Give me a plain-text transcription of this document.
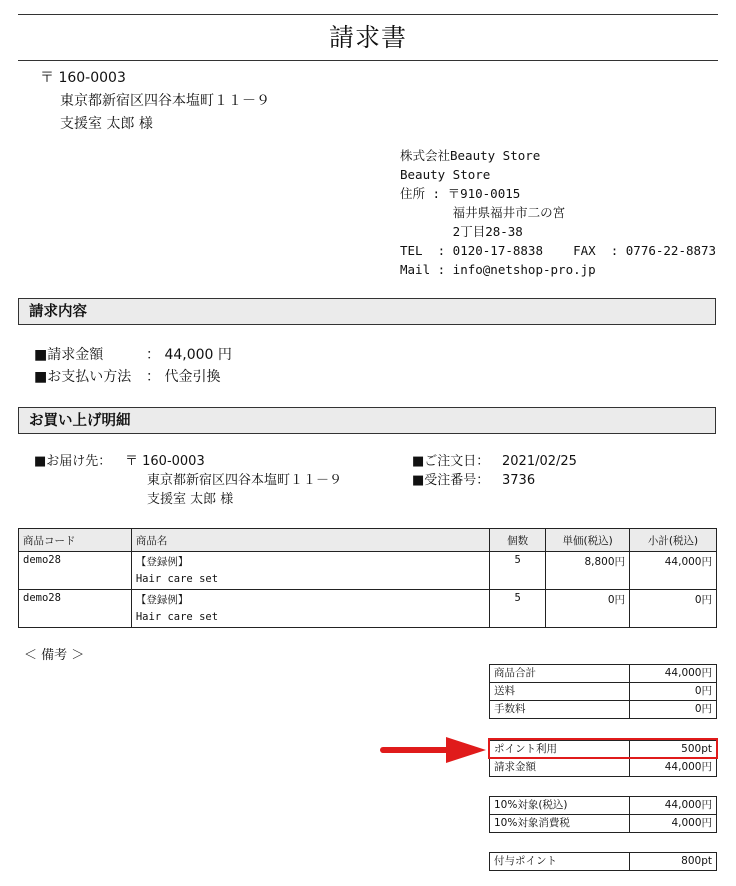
請求書
〒 160-0003
東京都新宿区四谷本塩町１１－９
支援室 太郎 様
株式会社Beauty Store
Beauty Store
住所 : 〒910-0015
福井県福井市二の宮
2丁目28-38
TEL  : 0120-17-8838    FAX  : 0776-22-8873
Mail : info@netshop-pro.jp
請求内容
■請求金額	： 44,000 円
■お支払い方法 ： 代金引換
お買い上げ明細
■お届け先： 〒 160-0003
東京都新宿区四谷本塩町１１－９
支援室 太郎 様
■ご注文日： 2021/02/25
■受注番号： 3736
商品コード	商品名	個数	単価(税込)	小計(税込)
demo28	【登録例】
Hair care set	5	8,800円	44,000円
demo28	【登録例】
Hair care set	5	0円	0円
＜ 備考 ＞
商品合計	44,000円
送料	0円
手数料	0円
ポイント利用	500pt
請求金額	44,000円
10%対象(税込)	44,000円
10%対象消費税	4,000円
付与ポイント	800pt
